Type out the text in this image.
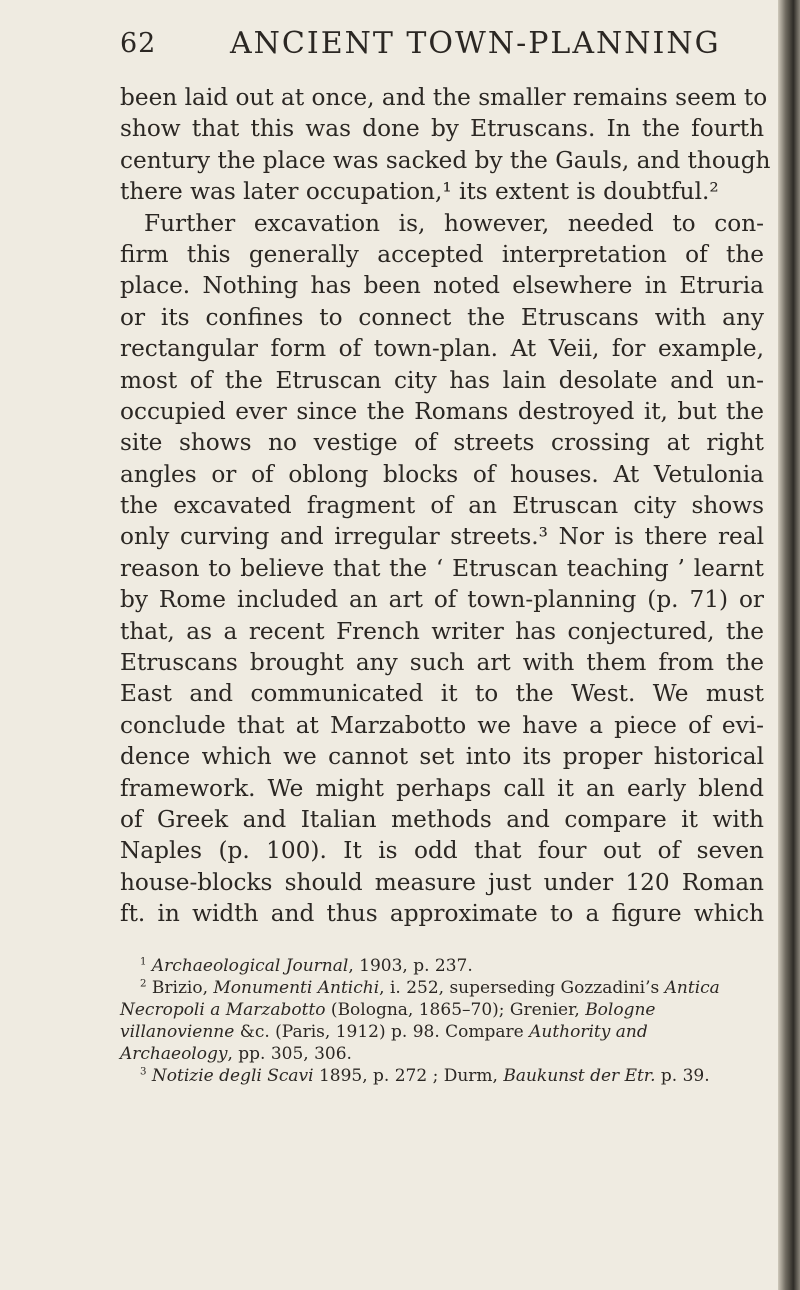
62 ANCIENT TOWN-PLANNING
been laid out at once, and the smaller remains seem to
show that this was done by Etruscans. In the fourth
century the place was sacked by the Gauls, and though
there was later occupation,¹ its extent is doubtful.²
Further excavation is, however, needed to con-
firm this generally accepted interpretation of the
place. Nothing has been noted elsewhere in Etruria
or its confines to connect the Etruscans with any
rectangular form of town-plan. At Veii, for example,
most of the Etruscan city has lain desolate and un-
occupied ever since the Romans destroyed it, but the
site shows no vestige of streets crossing at right
angles or of oblong blocks of houses. At Vetulonia
the excavated fragment of an Etruscan city shows
only curving and irregular streets.³ Nor is there real
reason to believe that the ‘ Etruscan teaching ’ learnt
by Rome included an art of town-planning (p. 71) or
that, as a recent French writer has conjectured, the
Etruscans brought any such art with them from the
East and communicated it to the West. We must
conclude that at Marzabotto we have a piece of evi-
dence which we cannot set into its proper historical
framework. We might perhaps call it an early blend
of Greek and Italian methods and compare it with
Naples (p. 100). It is odd that four out of seven
house-blocks should measure just under 120 Roman
ft. in width and thus approximate to a figure which
$^1$ Archaeological Journal, 1903, p. 237.
$^2$ Brizio, Monumenti Antichi, i. 252, superseding Gozzadini’s Antica
Necropoli a Marzabotto (Bologna, 1865–70); Grenier, Bologne
villanovienne &c. (Paris, 1912) p. 98. Compare Authority and
Archaeology, pp. 305, 306.
$^3$ Notizie degli Scavi 1895, p. 272 ; Durm, Baukunst der Etr. p. 39.
